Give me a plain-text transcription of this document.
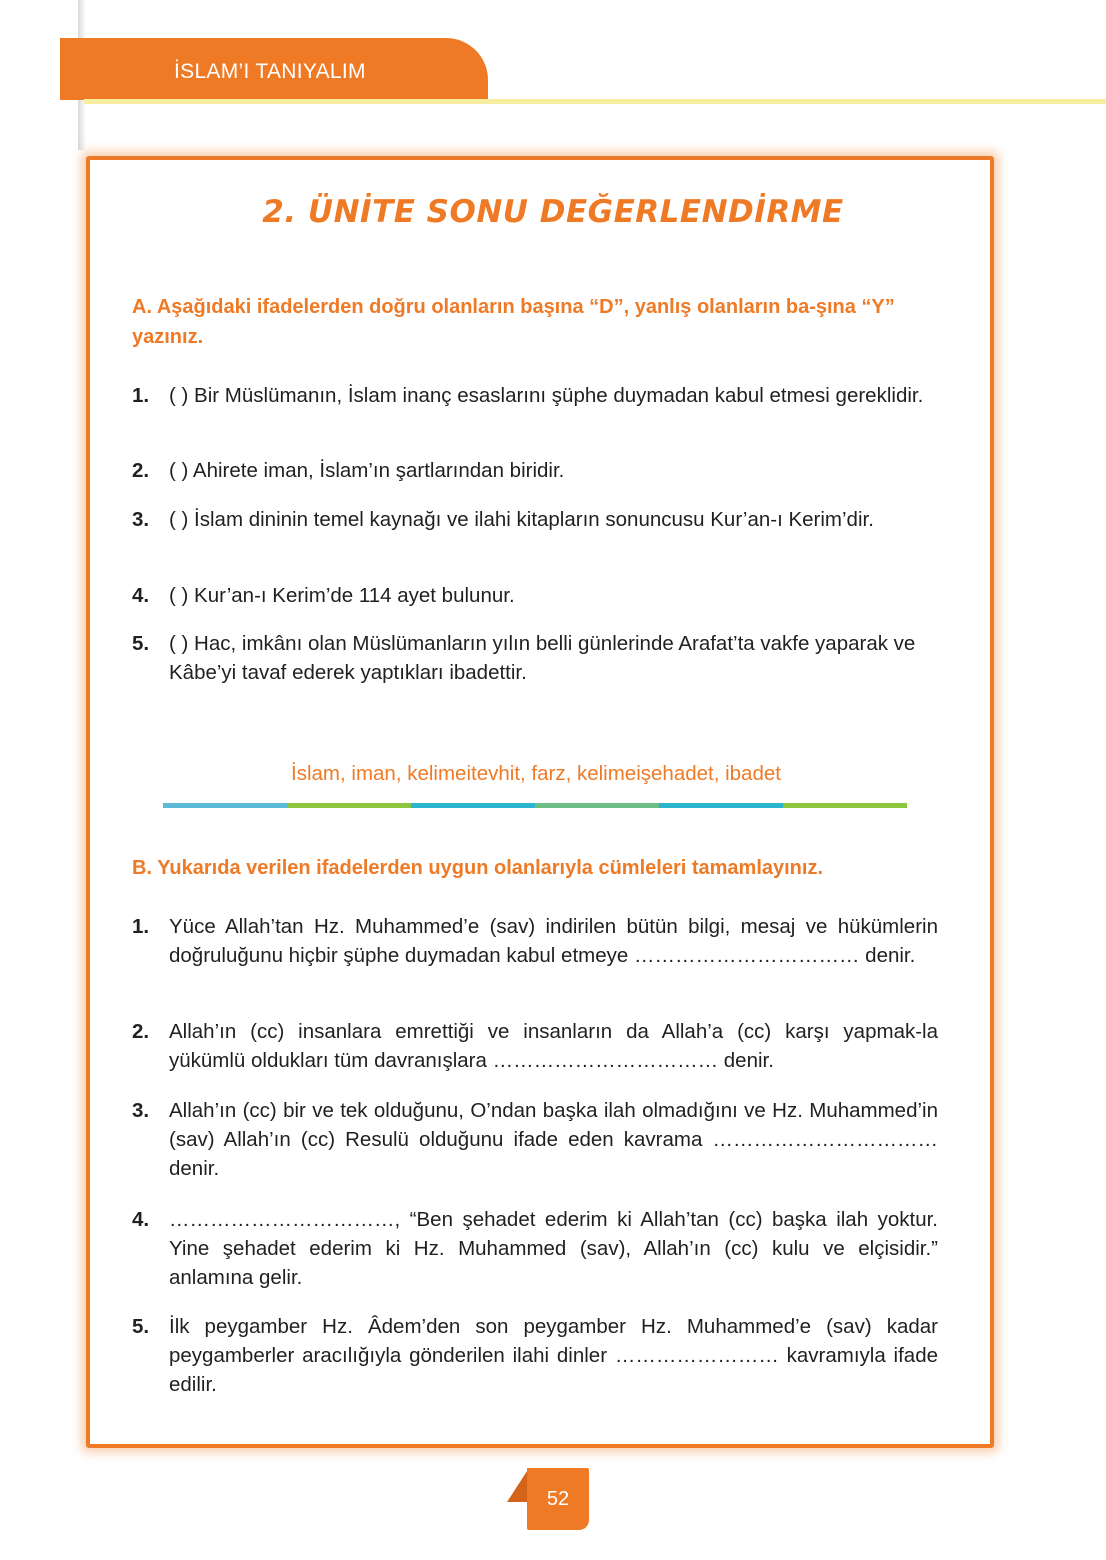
İSLAM’I TANIYALIM
2. ÜNİTE SONU DEĞERLENDİRME
A. Aşağıdaki ifadelerden doğru olanların başına “D”, yanlış olanların ba-şına “Y” yazınız.
1. ( ) Bir Müslümanın, İslam inanç esaslarını şüphe duymadan kabul etmesi gereklidir.
2. ( ) Ahirete iman, İslam’ın şartlarından biridir.
3. ( ) İslam dininin temel kaynağı ve ilahi kitapların sonuncusu Kur’an-ı Kerim’dir.
4. ( ) Kur’an-ı Kerim’de 114 ayet bulunur.
5. ( ) Hac, imkânı olan Müslümanların yılın belli günlerinde Arafat’ta vakfe yaparak ve Kâbe’yi tavaf ederek yaptıkları ibadettir.
İslam, iman, kelimeitevhit, farz, kelimeişehadet, ibadet
B. Yukarıda verilen ifadelerden uygun olanlarıyla cümleleri tamamlayınız.
1. Yüce Allah’tan Hz. Muhammed’e (sav) indirilen bütün bilgi, mesaj ve hükümlerin doğruluğunu hiçbir şüphe duymadan kabul etmeye …………………………… denir.
2. Allah’ın (cc) insanlara emrettiği ve insanların da Allah’a (cc) karşı yapmak-la yükümlü oldukları tüm davranışlara …………………………… denir.
3. Allah’ın (cc) bir ve tek olduğunu, O’ndan başka ilah olmadığını ve Hz. Muhammed’in (sav) Allah’ın (cc) Resulü olduğunu ifade eden kavrama …………………………… denir.
4. ……………………………, “Ben şehadet ederim ki Allah’tan (cc) başka ilah yoktur. Yine şehadet ederim ki Hz. Muhammed (sav), Allah’ın (cc) kulu ve elçisidir.” anlamına gelir.
5. İlk peygamber Hz. Âdem’den son peygamber Hz. Muhammed’e (sav) kadar peygamberler aracılığıyla gönderilen ilahi dinler …………………… kavramıyla ifade edilir.
52
